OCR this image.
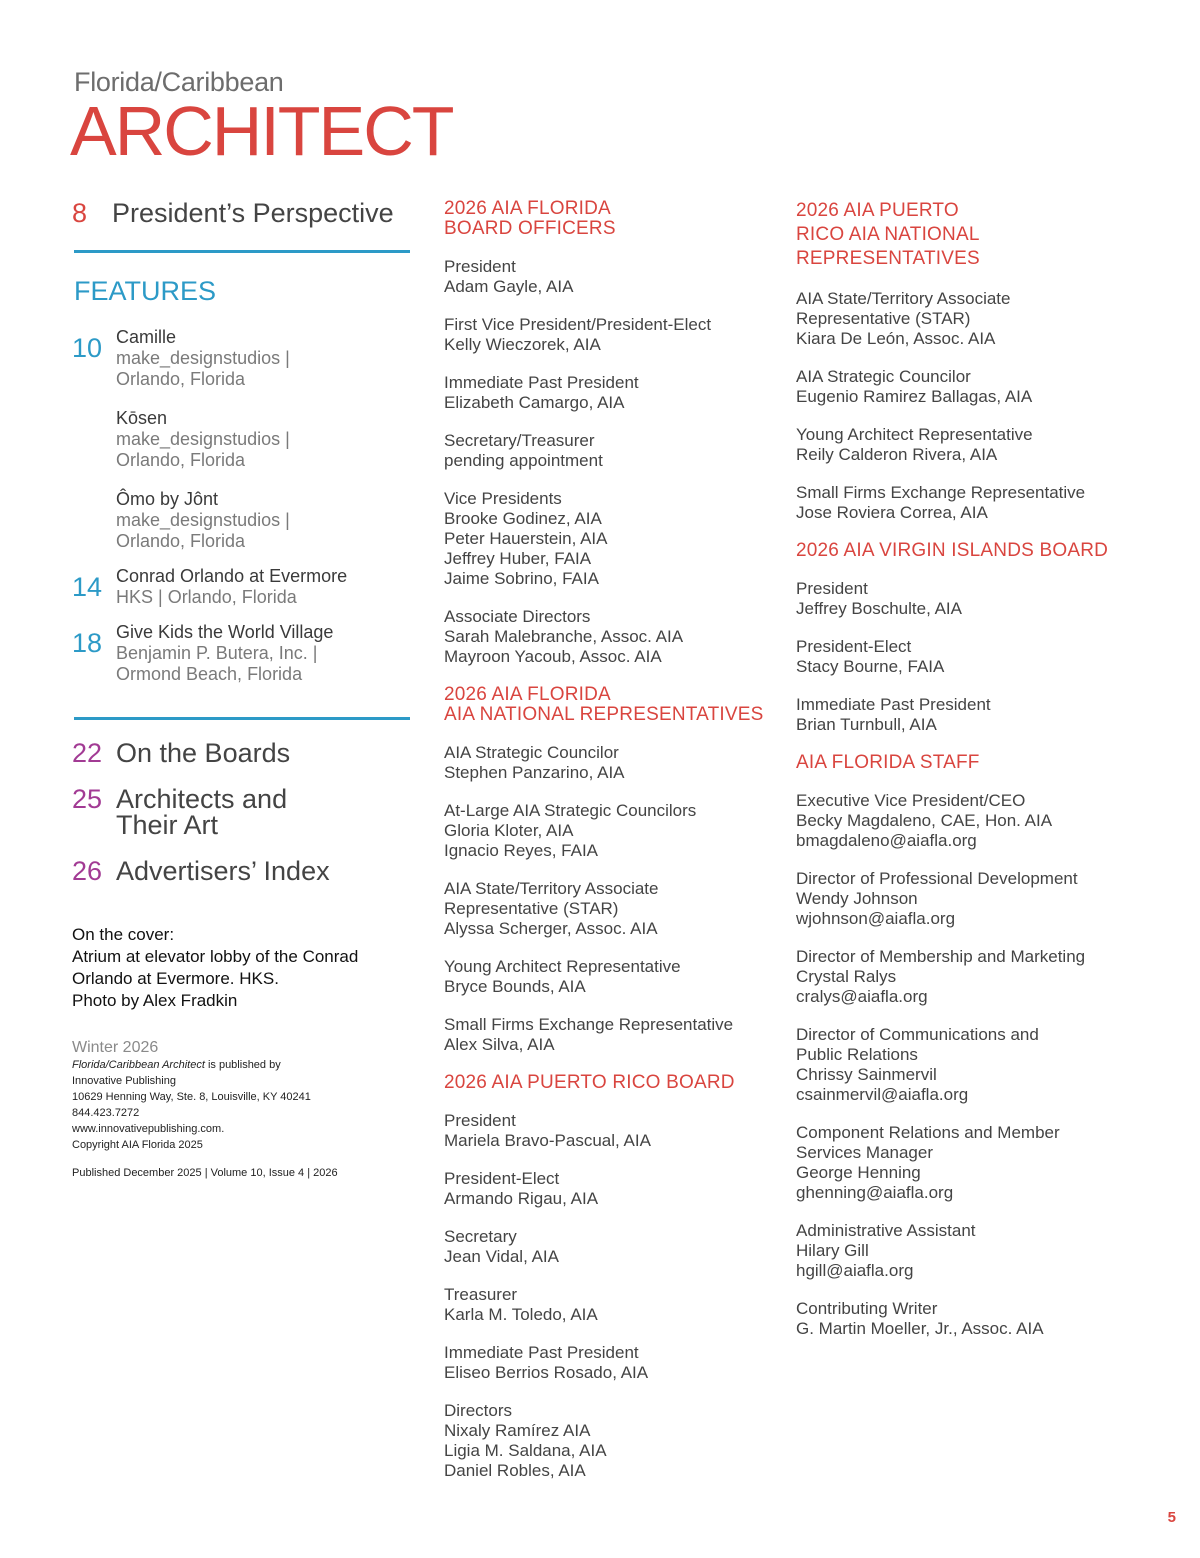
Florida/Caribbean
ARCHITECT
8 President’s Perspective
FEATURES
10 Camille
make_designstudios |
Orlando, Florida
Kōsen
make_designstudios |
Orlando, Florida
Ômo by Jônt
make_designstudios |
Orlando, Florida
14 Conrad Orlando at Evermore
HKS | Orlando, Florida
18 Give Kids the World Village
Benjamin P. Butera, Inc. |
Ormond Beach, Florida
22 On the Boards
25 Architects and
Their Art
26 Advertisers’ Index
On the cover:
Atrium at elevator lobby of the Conrad
Orlando at Evermore. HKS.
Photo by Alex Fradkin
Winter 2026
Florida/Caribbean Architect is published by
Innovative Publishing
10629 Henning Way, Ste. 8, Louisville, KY 40241
844.423.7272
www.innovativepublishing.com.
Copyright AIA Florida 2025
Published December 2025 | Volume 10, Issue 4 | 2026
2026 AIA FLORIDA
BOARD OFFICERS
President
Adam Gayle, AIA
First Vice President/President-Elect
Kelly Wieczorek, AIA
Immediate Past President
Elizabeth Camargo, AIA
Secretary/Treasurer
pending appointment
Vice Presidents
Brooke Godinez, AIA
Peter Hauerstein, AIA
Jeffrey Huber, FAIA
Jaime Sobrino, FAIA
Associate Directors
Sarah Malebranche, Assoc. AIA
Mayroon Yacoub, Assoc. AIA
2026 AIA FLORIDA
AIA NATIONAL REPRESENTATIVES
AIA Strategic Councilor
Stephen Panzarino, AIA
At-Large AIA Strategic Councilors
Gloria Kloter, AIA
Ignacio Reyes, FAIA
AIA State/Territory Associate
Representative (STAR)
Alyssa Scherger, Assoc. AIA
Young Architect Representative
Bryce Bounds, AIA
Small Firms Exchange Representative
Alex Silva, AIA
2026 AIA PUERTO RICO BOARD
President
Mariela Bravo-Pascual, AIA
President-Elect
Armando Rigau, AIA
Secretary
Jean Vidal, AIA
Treasurer
Karla M. Toledo, AIA
Immediate Past President
Eliseo Berrios Rosado, AIA
Directors
Nixaly Ramírez AIA
Ligia M. Saldana, AIA
Daniel Robles, AIA
2026 AIA PUERTO
RICO AIA NATIONAL
REPRESENTATIVES
AIA State/Territory Associate
Representative (STAR)
Kiara De León, Assoc. AIA
AIA Strategic Councilor
Eugenio Ramirez Ballagas, AIA
Young Architect Representative
Reily Calderon Rivera, AIA
Small Firms Exchange Representative
Jose Roviera Correa, AIA
2026 AIA VIRGIN ISLANDS BOARD
President
Jeffrey Boschulte, AIA
President-Elect
Stacy Bourne, FAIA
Immediate Past President
Brian Turnbull, AIA
AIA FLORIDA STAFF
Executive Vice President/CEO
Becky Magdaleno, CAE, Hon. AIA
bmagdaleno@aiafla.org
Director of Professional Development
Wendy Johnson
wjohnson@aiafla.org
Director of Membership and Marketing
Crystal Ralys
cralys@aiafla.org
Director of Communications and
Public Relations
Chrissy Sainmervil
csainmervil@aiafla.org
Component Relations and Member
Services Manager
George Henning
ghenning@aiafla.org
Administrative Assistant
Hilary Gill
hgill@aiafla.org
Contributing Writer
G. Martin Moeller, Jr., Assoc. AIA
5
